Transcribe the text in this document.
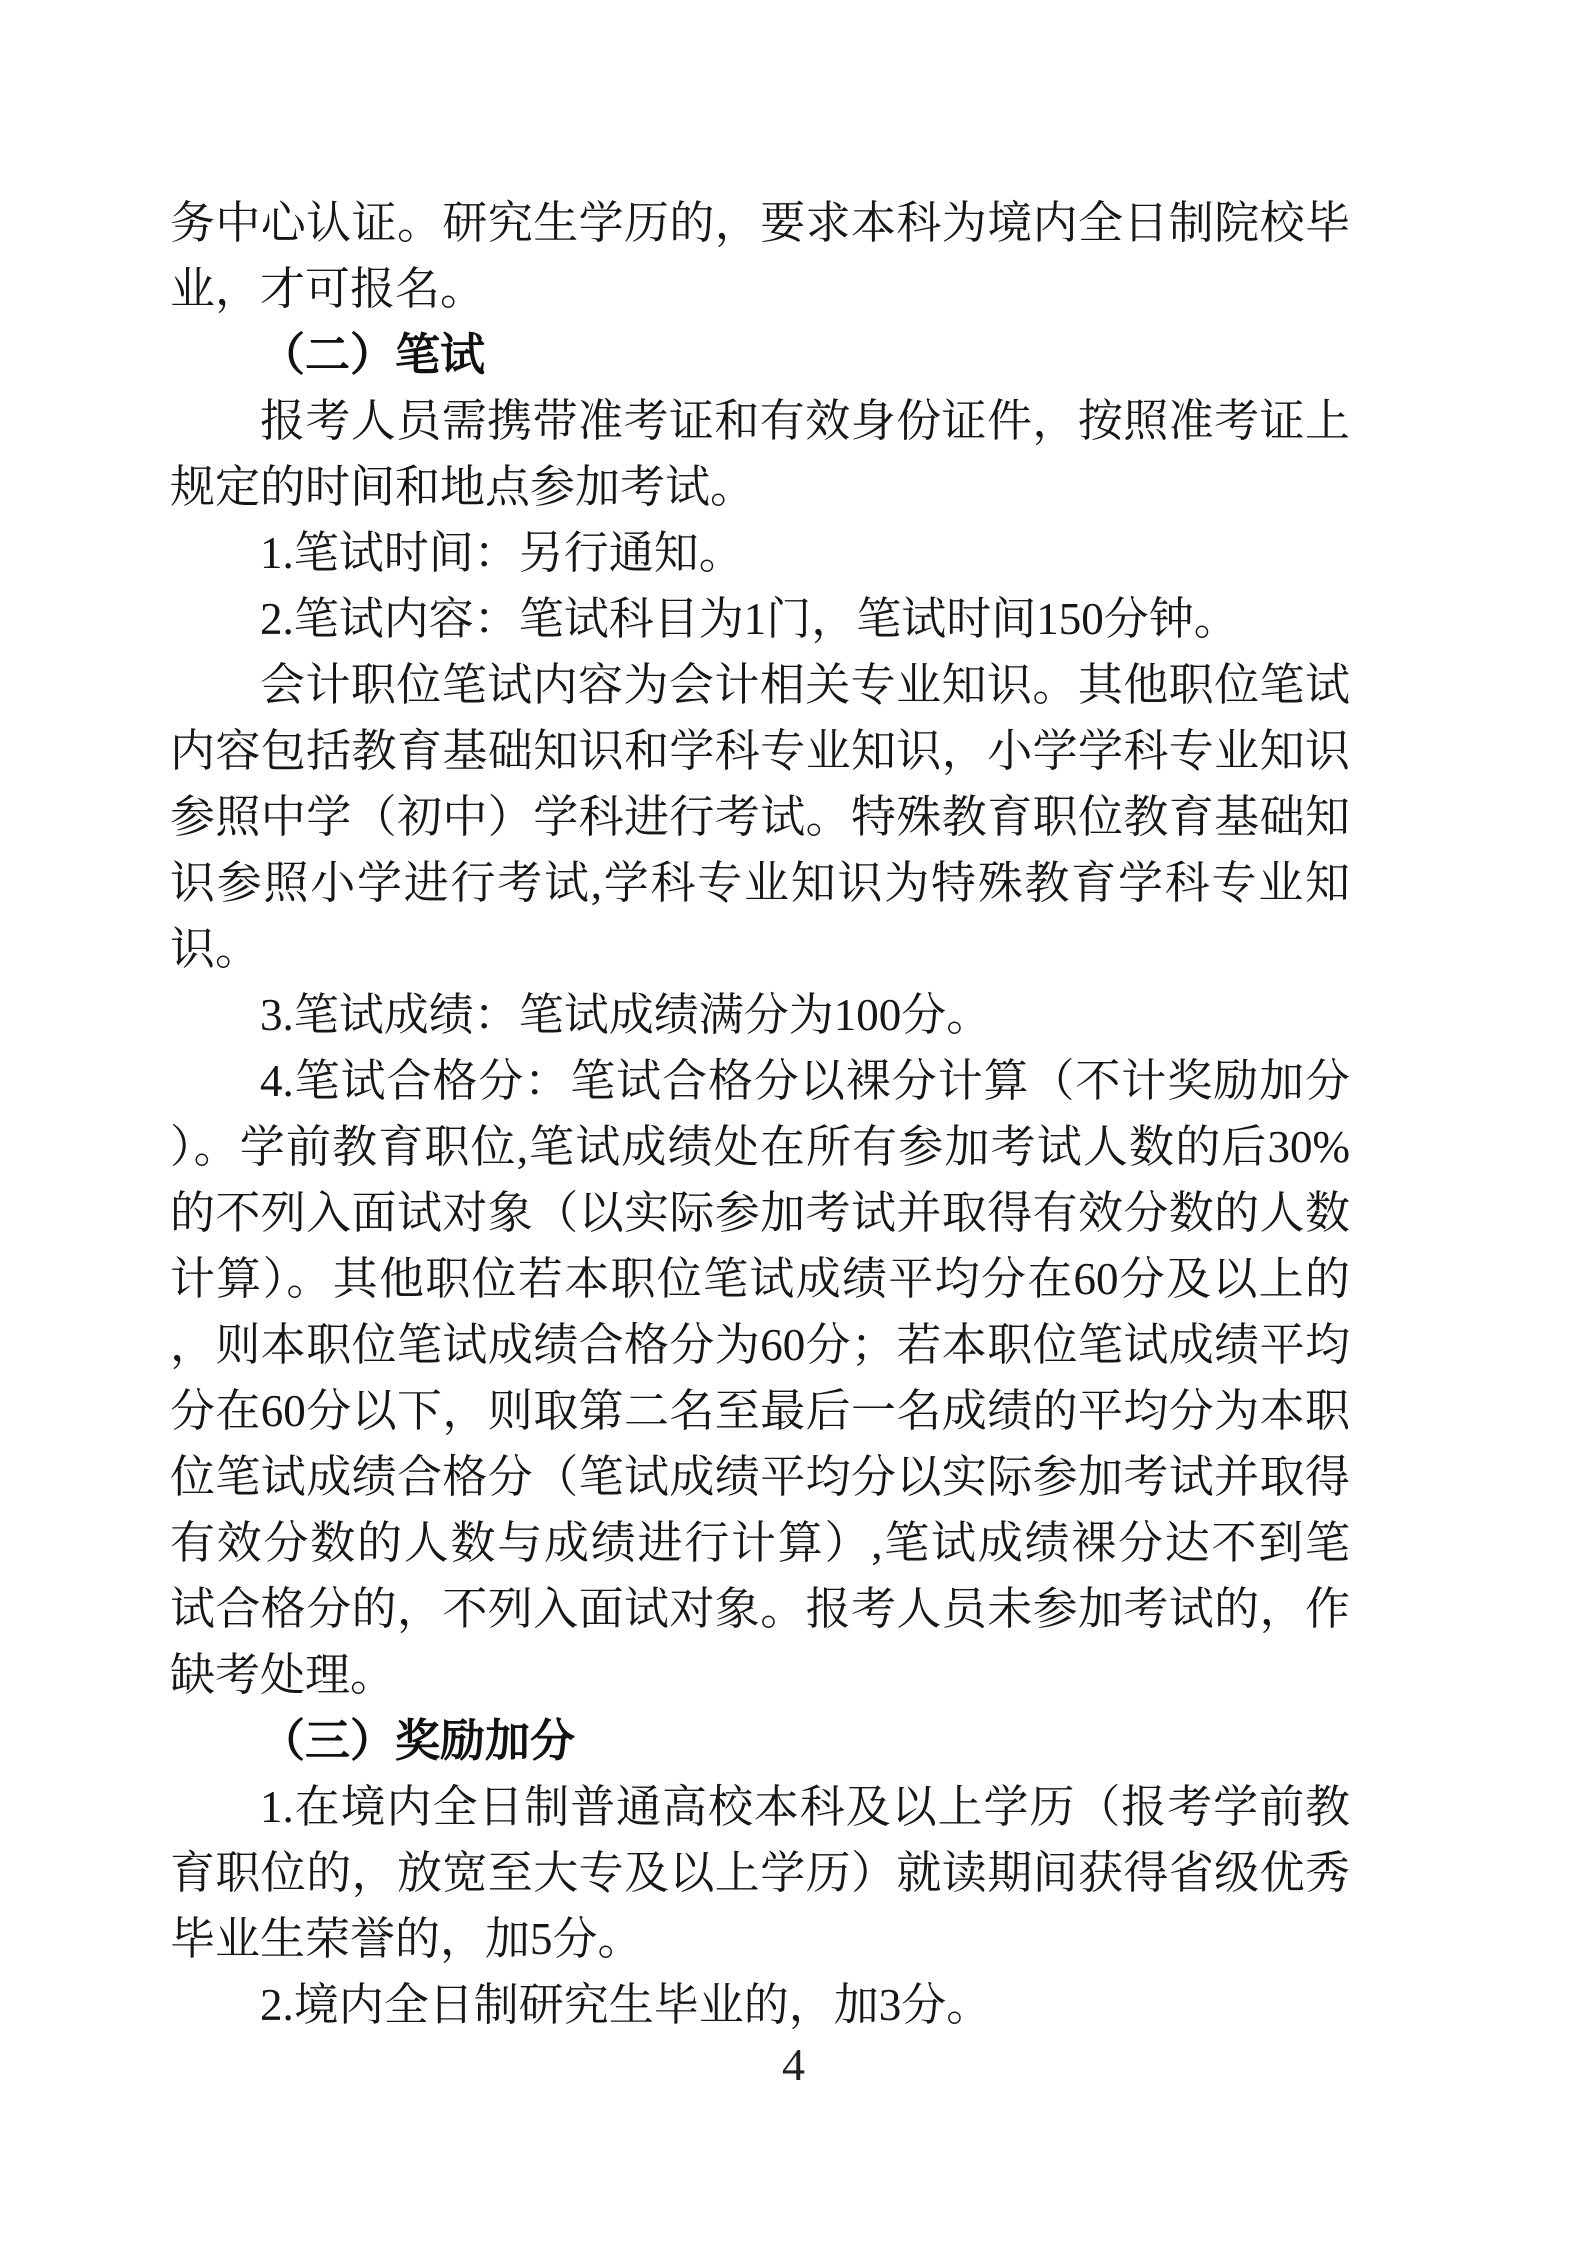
务中心认证。研究生学历的，要求本科为境内全日制院校毕
业，才可报名。
（二）笔试
报考人员需携带准考证和有效身份证件，按照准考证上
规定的时间和地点参加考试。
1.笔试时间：另行通知。
2.笔试内容：笔试科目为1门，笔试时间150分钟。
会计职位笔试内容为会计相关专业知识。其他职位笔试
内容包括教育基础知识和学科专业知识，小学学科专业知识
参照中学（初中）学科进行考试。特殊教育职位教育基础知
识参照小学进行考试,学科专业知识为特殊教育学科专业知
识。
3.笔试成绩：笔试成绩满分为100分。
4.笔试合格分：笔试合格分以裸分计算（不计奖励加分
）。学前教育职位,笔试成绩处在所有参加考试人数的后30%
的不列入面试对象（以实际参加考试并取得有效分数的人数
计算）。其他职位若本职位笔试成绩平均分在60分及以上的
，则本职位笔试成绩合格分为60分；若本职位笔试成绩平均
分在60分以下，则取第二名至最后一名成绩的平均分为本职
位笔试成绩合格分（笔试成绩平均分以实际参加考试并取得
有效分数的人数与成绩进行计算）,笔试成绩裸分达不到笔
试合格分的，不列入面试对象。报考人员未参加考试的，作
缺考处理。
（三）奖励加分
1.在境内全日制普通高校本科及以上学历（报考学前教
育职位的，放宽至大专及以上学历）就读期间获得省级优秀
毕业生荣誉的，加5分。
2.境内全日制研究生毕业的，加3分。
4
